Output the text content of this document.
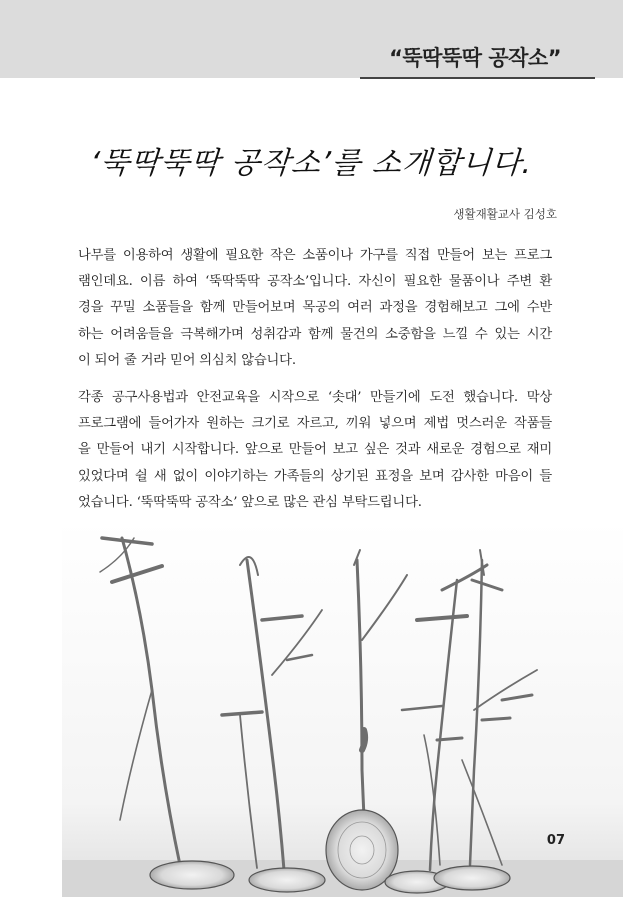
“뚝딱뚝딱 공작소”
‘뚝딱뚝딱 공작소’를 소개합니다.
생활재활교사 김성호
나무를 이용하여 생활에 필요한 작은 소품이나 가구를 직접 만들어 보는 프로그
램인데요. 이름 하여 ‘뚝딱뚝딱 공작소’입니다. 자신이 필요한 물품이나 주변 환
경을 꾸밀 소품들을 함께 만들어보며 목공의 여러 과정을 경험해보고 그에 수반
하는 어려움들을 극복해가며 성취감과 함께 물건의 소중함을 느낄 수 있는 시간
이 되어 줄 거라 믿어 의심치 않습니다.
각종 공구사용법과 안전교육을 시작으로 ‘솟대’ 만들기에 도전 했습니다. 막상
프로그램에 들어가자 원하는 크기로 자르고, 끼워 넣으며 제법 멋스러운 작품들
을 만들어 내기 시작합니다. 앞으로 만들어 보고 싶은 것과 새로운 경험으로 재미
있었다며 쉴 새 없이 이야기하는 가족들의 상기된 표정을 보며 감사한 마음이 들
었습니다. ‘뚝딱뚝딱 공작소’ 앞으로 많은 관심 부탁드립니다.
07
